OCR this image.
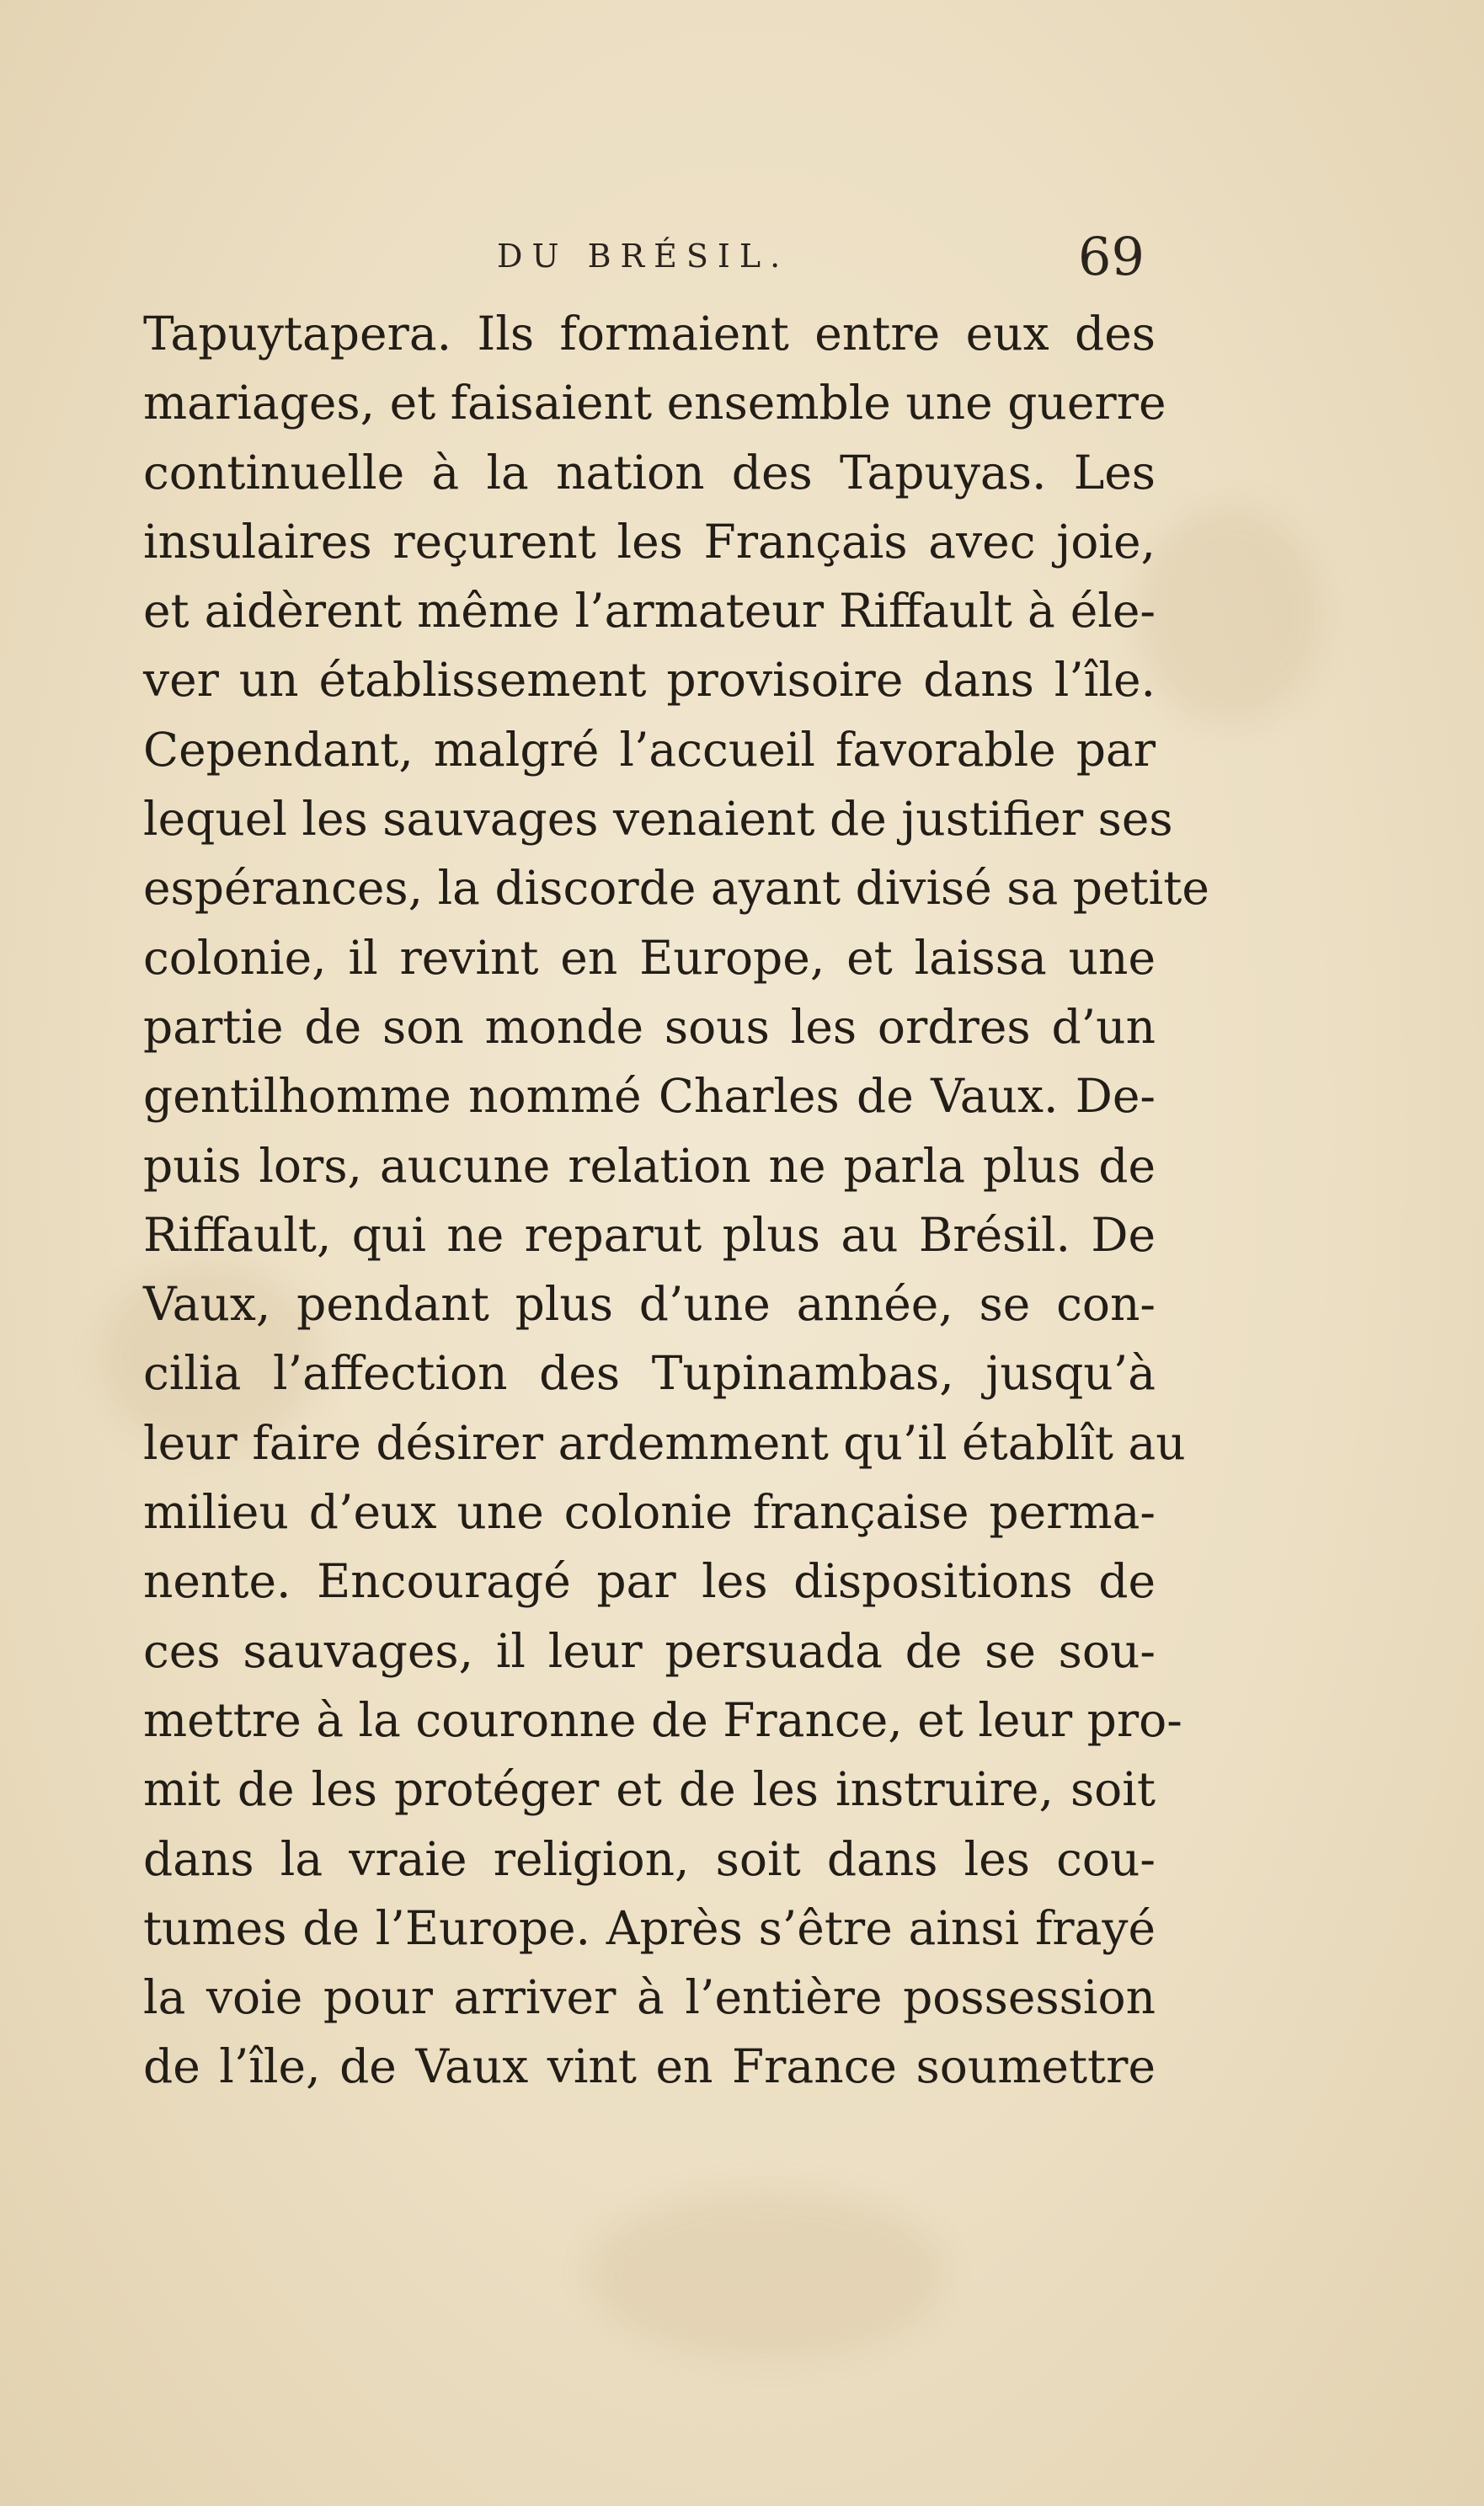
DU BRÉSIL.	69
Tapuytapera. Ils formaient entre eux des
mariages, et faisaient ensemble une guerre
continuelle à la nation des Tapuyas. Les
insulaires reçurent les Français avec joie,
et aidèrent même l’armateur Riffault à éle-
ver un établissement provisoire dans l’île.
Cependant, malgré l’accueil favorable par
lequel les sauvages venaient de justifier ses
espérances, la discorde ayant divisé sa petite
colonie, il revint en Europe, et laissa une
partie de son monde sous les ordres d’un
gentilhomme nommé Charles de Vaux. De-
puis lors, aucune relation ne parla plus de
Riffault, qui ne reparut plus au Brésil. De
Vaux, pendant plus d’une année, se con-
cilia l’affection des Tupinambas, jusqu’à
leur faire désirer ardemment qu’il établît au
milieu d’eux une colonie française perma-
nente. Encouragé par les dispositions de
ces sauvages, il leur persuada de se sou-
mettre à la couronne de France, et leur pro-
mit de les protéger et de les instruire, soit
dans la vraie religion, soit dans les cou-
tumes de l’Europe. Après s’être ainsi frayé
la voie pour arriver à l’entière possession
de l’île, de Vaux vint en France soumettre
